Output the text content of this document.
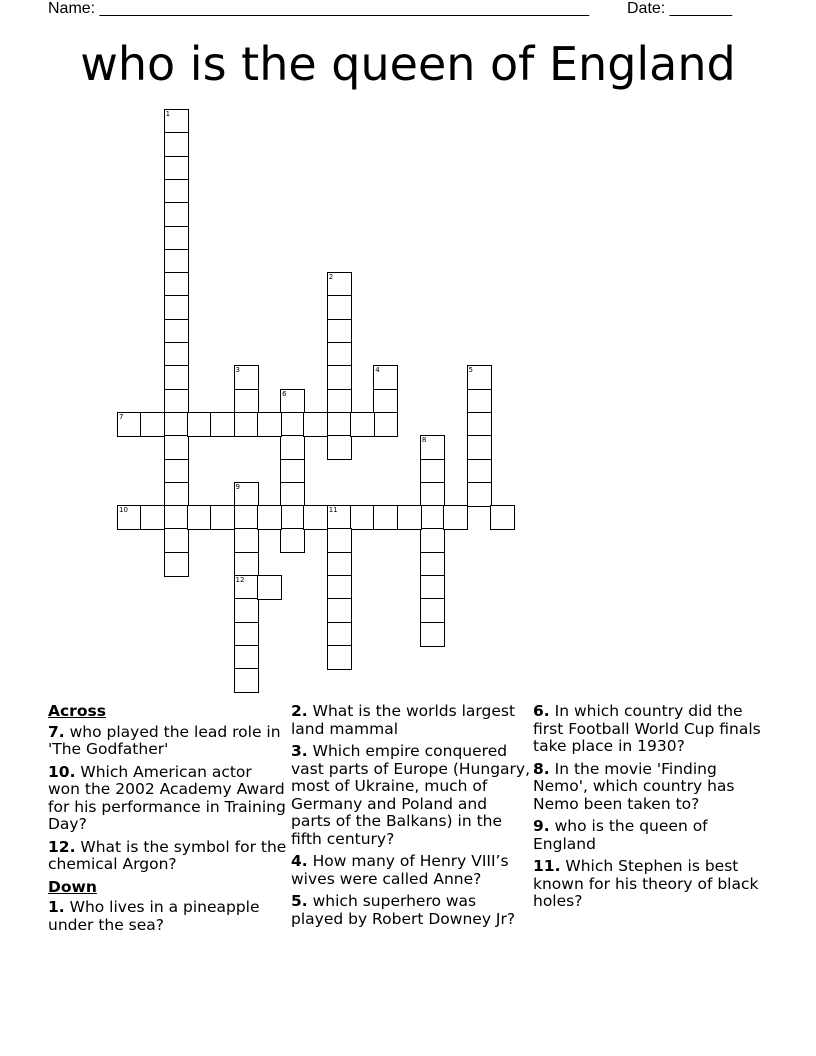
Name: _______________________________________________________ Date: _______
who is the queen of England
1
2
3	4	5
6
7
8
9
12
10	11
Across
7. who played the lead role in 'The Godfather'
10. Which American actor won the 2002 Academy Award for his performance in Training Day?
12. What is the symbol for the chemical Argon?
Down
1. Who lives in a pineapple under the sea?
2. What is the worlds largest land mammal
3. Which empire conquered vast parts of Europe (Hungary, most of Ukraine, much of Germany and Poland and parts of the Balkans) in the fifth century?
4. How many of Henry VIII’s wives were called Anne?
5. which superhero was played by Robert Downey Jr?
6. In which country did the first Football World Cup finals take place in 1930?
8. In the movie 'Finding Nemo', which country has Nemo been taken to?
9. who is the queen of England
11. Which Stephen is best known for his theory of black holes?
